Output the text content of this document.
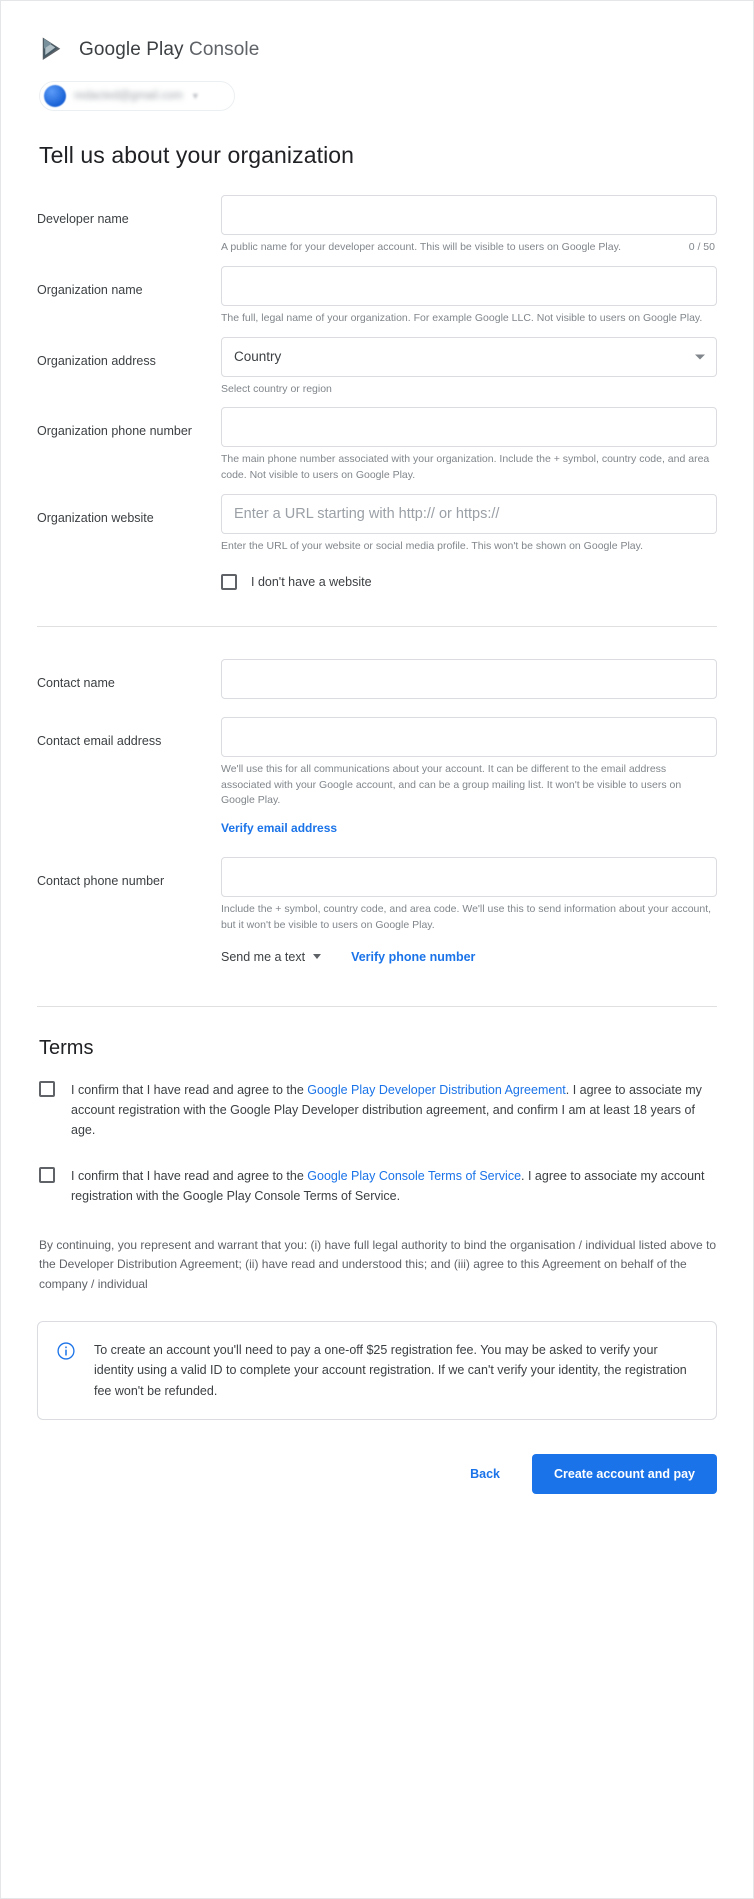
Google Play Console
redacted@gmail.com ▼
Tell us about your organization
Developer name
A public name for your developer account. This will be visible to users on Google Play.	0 / 50
Organization name
The full, legal name of your organization. For example Google LLC. Not visible to users on Google Play.
Organization address	Country
Select country or region
Organization phone number
The main phone number associated with your organization. Include the + symbol, country code, and area code. Not visible to users on Google Play.
Organization website
Enter a URL starting with http:// or https://
Enter the URL of your website or social media profile. This won't be shown on Google Play.
I don't have a website
Contact name
Contact email address
We'll use this for all communications about your account. It can be different to the email address associated with your Google account, and can be a group mailing list. It won't be visible to users on Google Play.
Verify email address
Contact phone number
Include the + symbol, country code, and area code. We'll use this to send information about your account, but it won't be visible to users on Google Play.
Send me a text	Verify phone number
Terms
I confirm that I have read and agree to the Google Play Developer Distribution Agreement. I agree to associate my account registration with the Google Play Developer distribution agreement, and confirm I am at least 18 years of age.
I confirm that I have read and agree to the Google Play Console Terms of Service. I agree to associate my account registration with the Google Play Console Terms of Service.

By continuing, you represent and warrant that you: (i) have full legal authority to bind the organisation / individual listed above to the Developer Distribution Agreement; (ii) have read and understood this; and (iii) agree to this Agreement on behalf of the company / individual

To create an account you'll need to pay a one-off $25 registration fee. You may be asked to verify your identity using a valid ID to complete your account registration. If we can't verify your identity, the registration fee won't be refunded.
Back	Create account and pay
